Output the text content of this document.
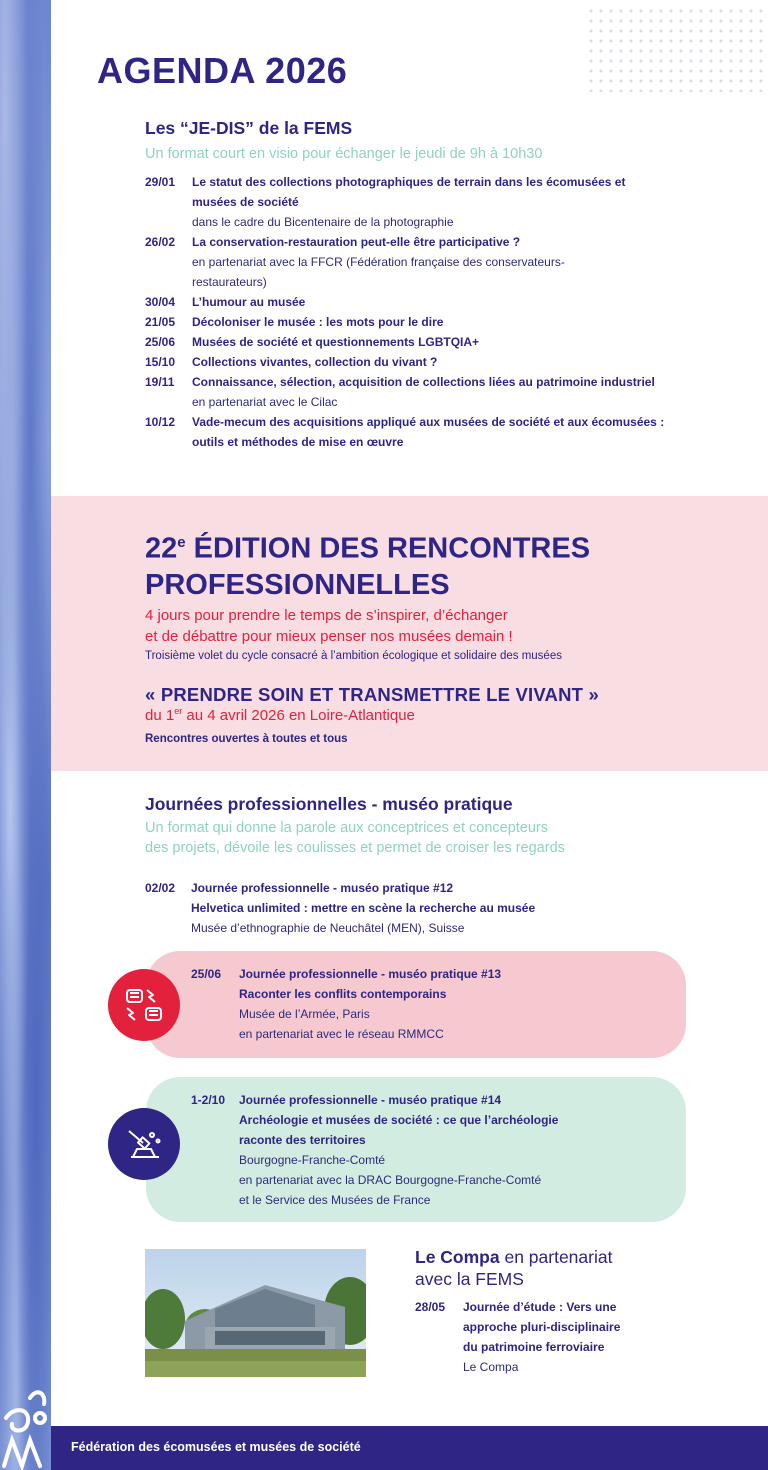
AGENDA 2026
Les “JE-DIS” de la FEMS

Un format court en visio pour échanger le jeudi de 9h à 10h30

29/01	Le statut des collections photographiques de terrain dans les écomusées et musées de société
dans le cadre du Bicentenaire de la photographie
26/02	La conservation-restauration peut-elle être participative ?
en partenariat avec la FFCR (Fédération française des conservateurs-restaurateurs)
30/04	L’humour au musée
21/05	Décoloniser le musée : les mots pour le dire
25/06	Musées de société et questionnements LGBTQIA+
15/10	Collections vivantes, collection du vivant ?
19/11	Connaissance, sélection, acquisition de collections liées au patrimoine industriel
en partenariat avec le Cilac
10/12	Vade-mecum des acquisitions appliqué aux musées de société et aux écomusées : outils et méthodes de mise en œuvre
22e ÉDITION DES RENCONTRES
PROFESSIONNELLES

4 jours pour prendre le temps de s’inspirer, d’échanger

et de débattre pour mieux penser nos musées demain !

Troisième volet du cycle consacré à l’ambition écologique et solidaire des musées

« PRENDRE SOIN ET TRANSMETTRE LE VIVANT »

du 1er au 4 avril 2026 en Loire-Atlantique

Rencontres ouvertes à toutes et tous

Journées professionnelles - muséo pratique

Un format qui donne la parole aux conceptrices et concepteurs

des projets, dévoile les coulisses et permet de croiser les regards

02/02	Journée professionnelle - muséo pratique #12
Helvetica unlimited : mettre en scène la recherche au musée
Musée d’ethnographie de Neuchâtel (MEN), Suisse
25/06	Journée professionnelle - muséo pratique #13
Raconter les conflits contemporains
Musée de l’Armée, Paris
en partenariat avec le réseau RMMCC
1-2/10	Journée professionnelle - muséo pratique #14
Archéologie et musées de société : ce que l’archéologie
raconte des territoires
Bourgogne-Franche-Comté
en partenariat avec la DRAC Bourgogne-Franche-Comté
et le Service des Musées de France

Le Compa en partenariat
avec la FEMS

28/05	Journée d’étude : Vers une
approche pluri-disciplinaire
du patrimoine ferroviaire
Le Compa
Fédération des écomusées et musées de société
